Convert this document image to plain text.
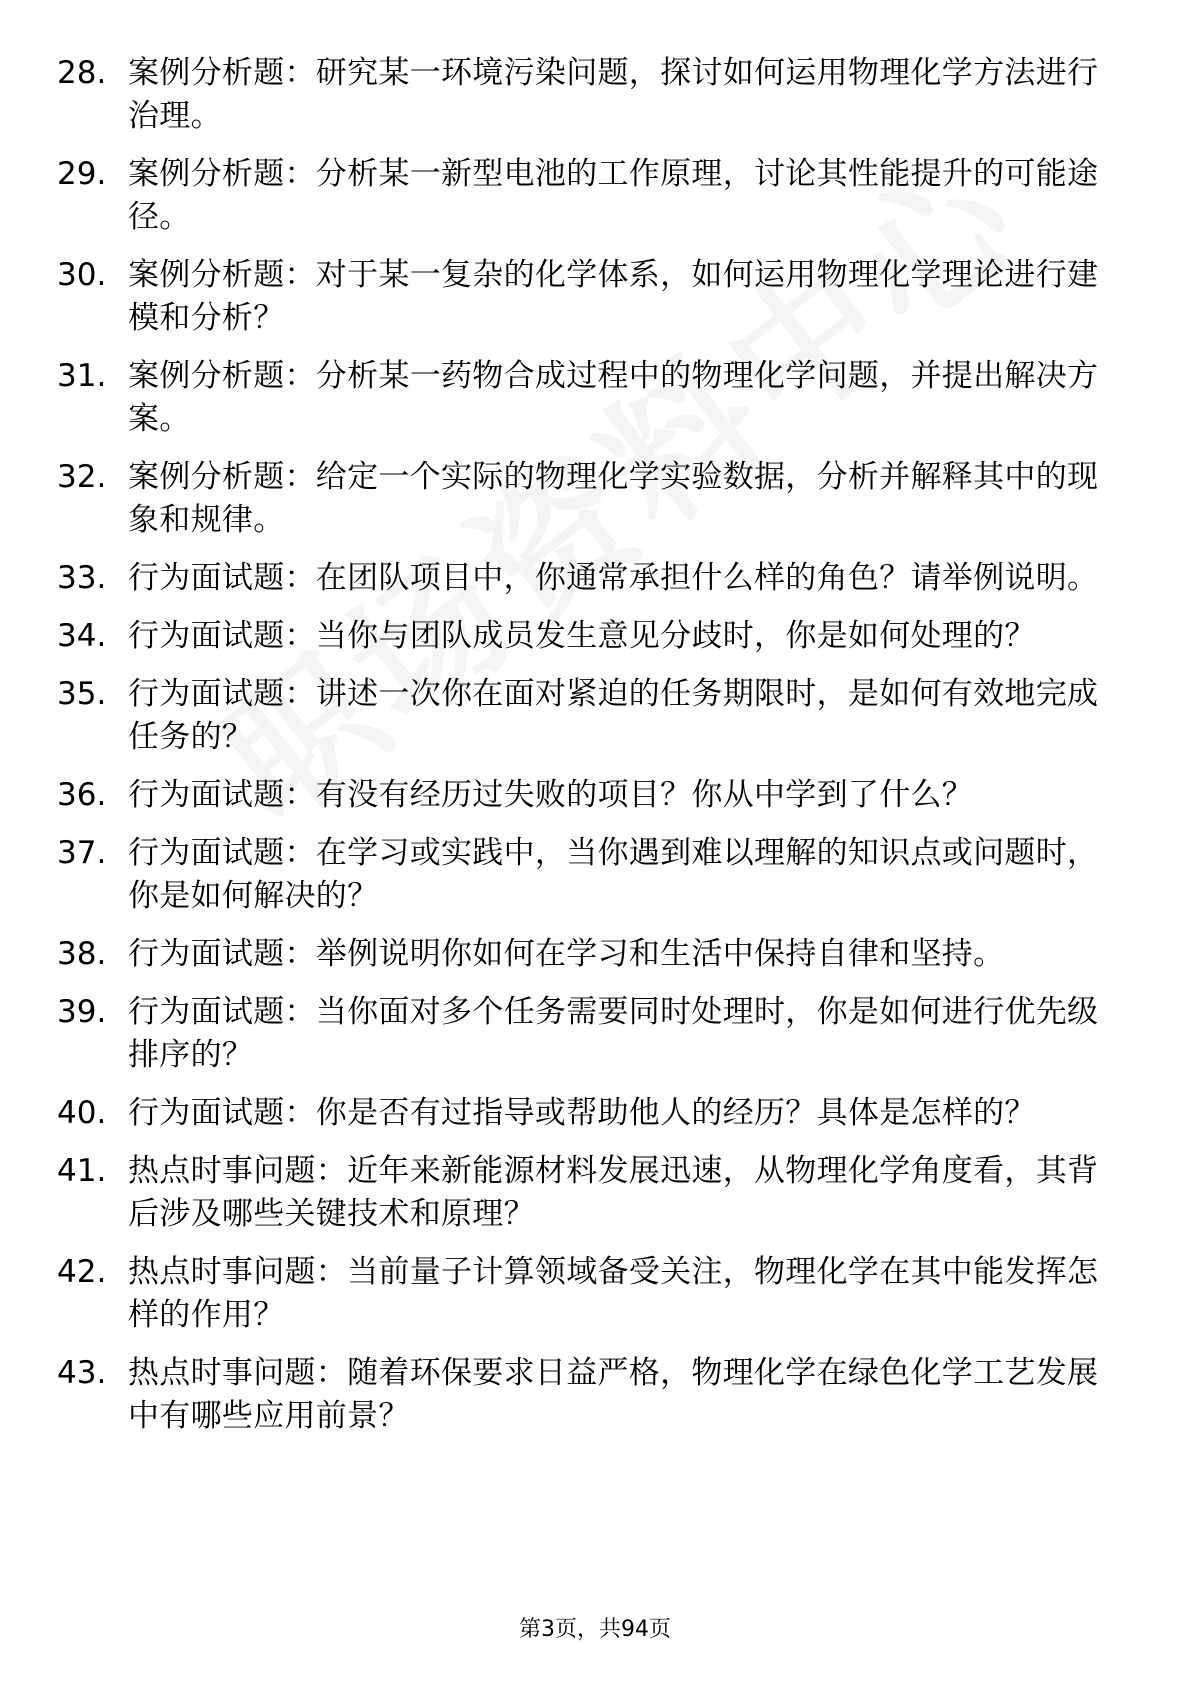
28. 案例分析题：研究某一环境污染问题，探讨如何运用物理化学方法进行治理。
29. 案例分析题：分析某一新型电池的工作原理，讨论其性能提升的可能途径。
30. 案例分析题：对于某一复杂的化学体系，如何运用物理化学理论进行建模和分析？
31. 案例分析题：分析某一药物合成过程中的物理化学问题，并提出解决方案。
32. 案例分析题：给定一个实际的物理化学实验数据，分析并解释其中的现象和规律。
33. 行为面试题：在团队项目中，你通常承担什么样的角色？请举例说明。
34. 行为面试题：当你与团队成员发生意见分歧时，你是如何处理的？
35. 行为面试题：讲述一次你在面对紧迫的任务期限时，是如何有效地完成任务的？
36. 行为面试题：有没有经历过失败的项目？你从中学到了什么？
37. 行为面试题：在学习或实践中，当你遇到难以理解的知识点或问题时，你是如何解决的？
38. 行为面试题：举例说明你如何在学习和生活中保持自律和坚持。
39. 行为面试题：当你面对多个任务需要同时处理时，你是如何进行优先级排序的？
40. 行为面试题：你是否有过指导或帮助他人的经历？具体是怎样的？
41. 热点时事问题：近年来新能源材料发展迅速，从物理化学角度看，其背后涉及哪些关键技术和原理？
42. 热点时事问题：当前量子计算领域备受关注，物理化学在其中能发挥怎样的作用？
43. 热点时事问题：随着环保要求日益严格，物理化学在绿色化学工艺发展中有哪些应用前景？
第3页，共94页
